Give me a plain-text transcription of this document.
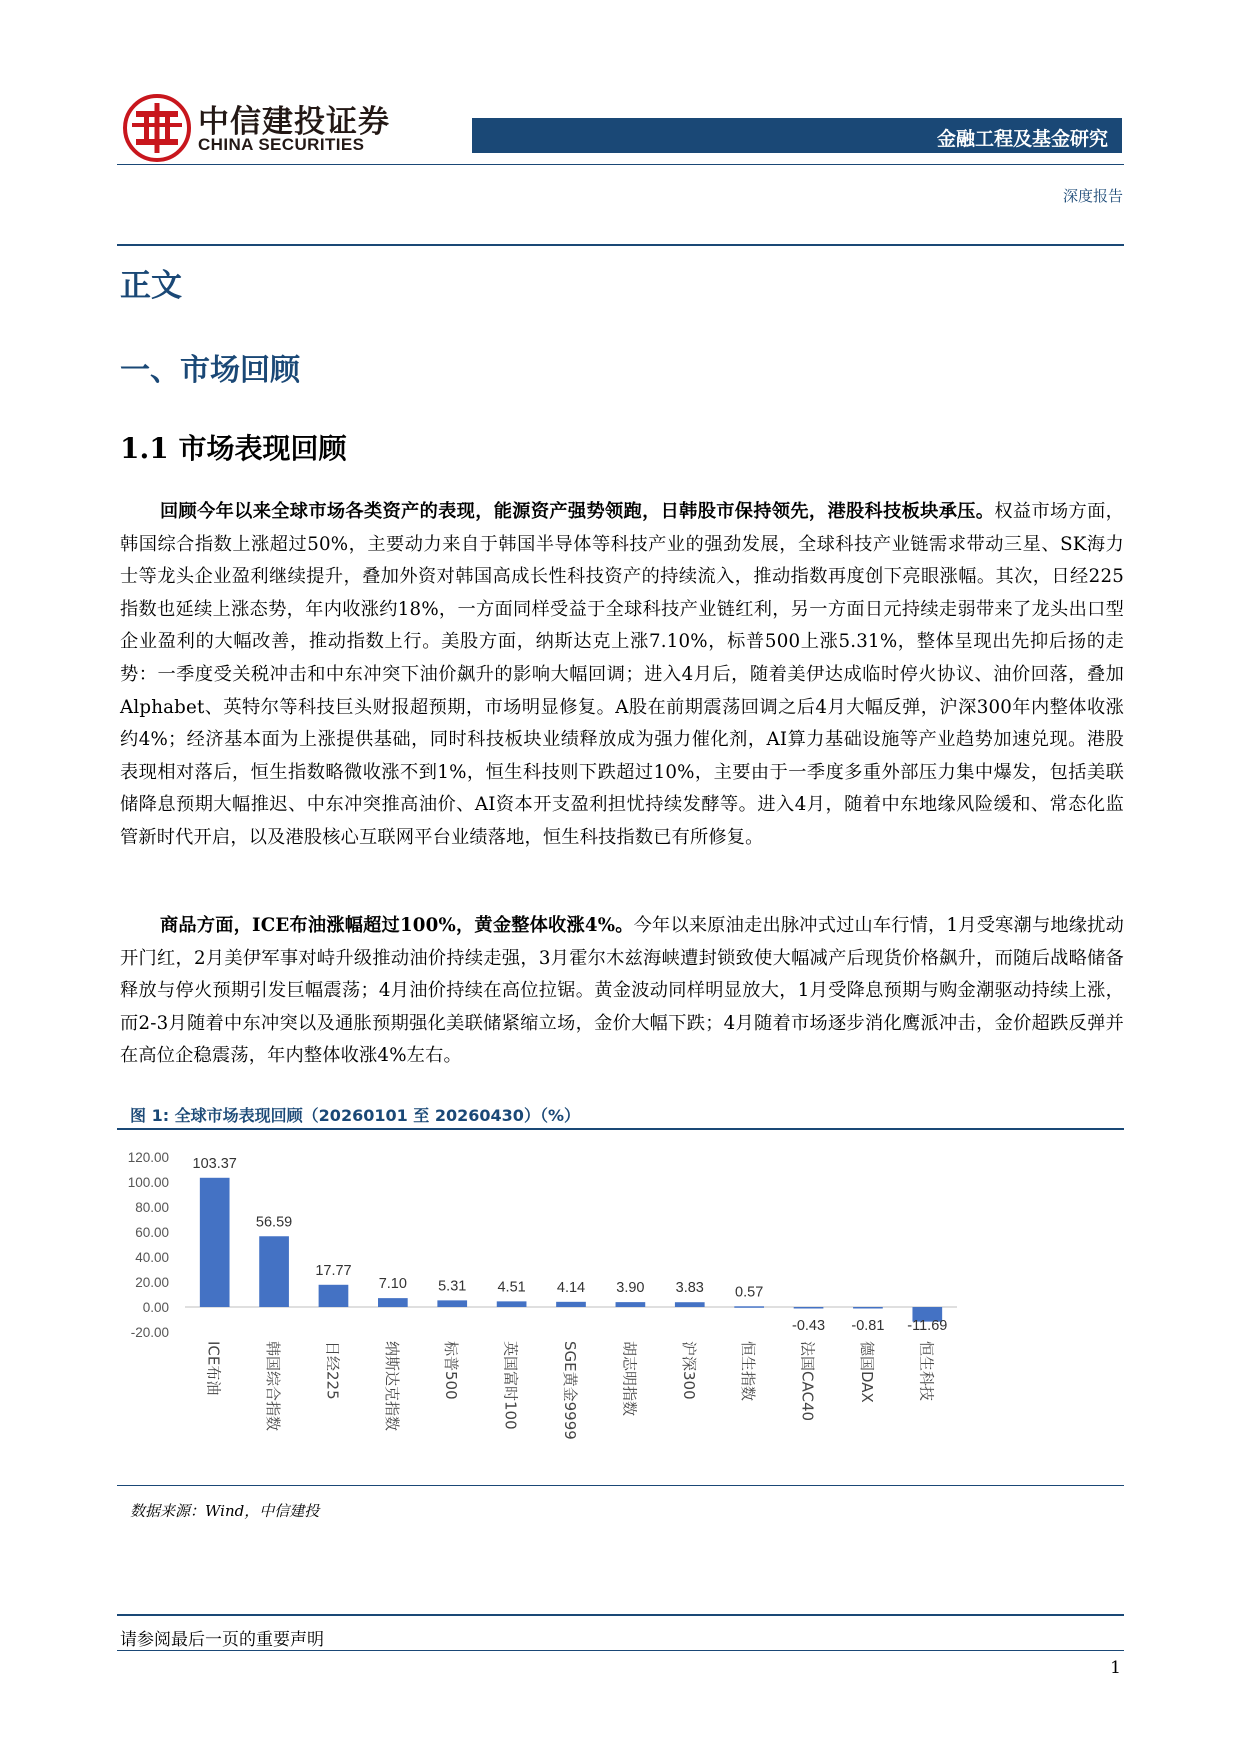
中信建投证券
CHINA SECURITIES	金融工程及基金研究
深度报告
正文
一、市场回顾
1.1 市场表现回顾

回顾今年以来全球市场各类资产的表现，能源资产强势领跑，日韩股市保持领先，港股科技板块承压。权益市场方面，韩国综合指数上涨超过50%，主要动力来自于韩国半导体等科技产业的强劲发展，全球科技产业链需求带动三星、SK海力士等龙头企业盈利继续提升，叠加外资对韩国高成长性科技资产的持续流入，推动指数再度创下亮眼涨幅。其次，日经225指数也延续上涨态势，年内收涨约18%，一方面同样受益于全球科技产业链红利，另一方面日元持续走弱带来了龙头出口型企业盈利的大幅改善，推动指数上行。美股方面，纳斯达克上涨7.10%，标普500上涨5.31%，整体呈现出先抑后扬的走势：一季度受关税冲击和中东冲突下油价飙升的影响大幅回调；进入4月后，随着美伊达成临时停火协议、油价回落，叠加Alphabet、英特尔等科技巨头财报超预期，市场明显修复。A股在前期震荡回调之后4月大幅反弹，沪深300年内整体收涨约4%；经济基本面为上涨提供基础，同时科技板块业绩释放成为强力催化剂，AI算力基础设施等产业趋势加速兑现。港股表现相对落后，恒生指数略微收涨不到1%，恒生科技则下跌超过10%，主要由于一季度多重外部压力集中爆发，包括美联储降息预期大幅推迟、中东冲突推高油价、AI资本开支盈利担忧持续发酵等。进入4月，随着中东地缘风险缓和、常态化监管新时代开启，以及港股核心互联网平台业绩落地，恒生科技指数已有所修复。

商品方面，ICE布油涨幅超过100%，黄金整体收涨4%。今年以来原油走出脉冲式过山车行情，1月受寒潮与地缘扰动开门红，2月美伊军事对峙升级推动油价持续走强，3月霍尔木兹海峡遭封锁致使大幅减产后现货价格飙升，而随后战略储备释放与停火预期引发巨幅震荡；4月油价持续在高位拉锯。黄金波动同样明显放大，1月受降息预期与购金潮驱动持续上涨，而2-3月随着中东冲突以及通胀预期强化美联储紧缩立场，金价大幅下跌；4月随着市场逐步消化鹰派冲击，金价超跌反弹并在高位企稳震荡，年内整体收涨4%左右。

图 1: 全球市场表现回顾（20260101 至 20260430）（%）
120.00
100.00
80.00
60.00
40.00
20.00
0.00
-20.00
103.37
ICE布油
56.59
韩国综合指数
17.77
日经225
7.10
纳斯达克指数
5.31
标普500
4.51
英国富时100
4.14
SGE黄金9999
3.90
胡志明指数
3.83
沪深300
0.57
恒生指数
-0.43
法国CAC40
-0.81
德国DAX
-11.69
恒生科技
数据来源：Wind，中信建投
请参阅最后一页的重要声明
1
